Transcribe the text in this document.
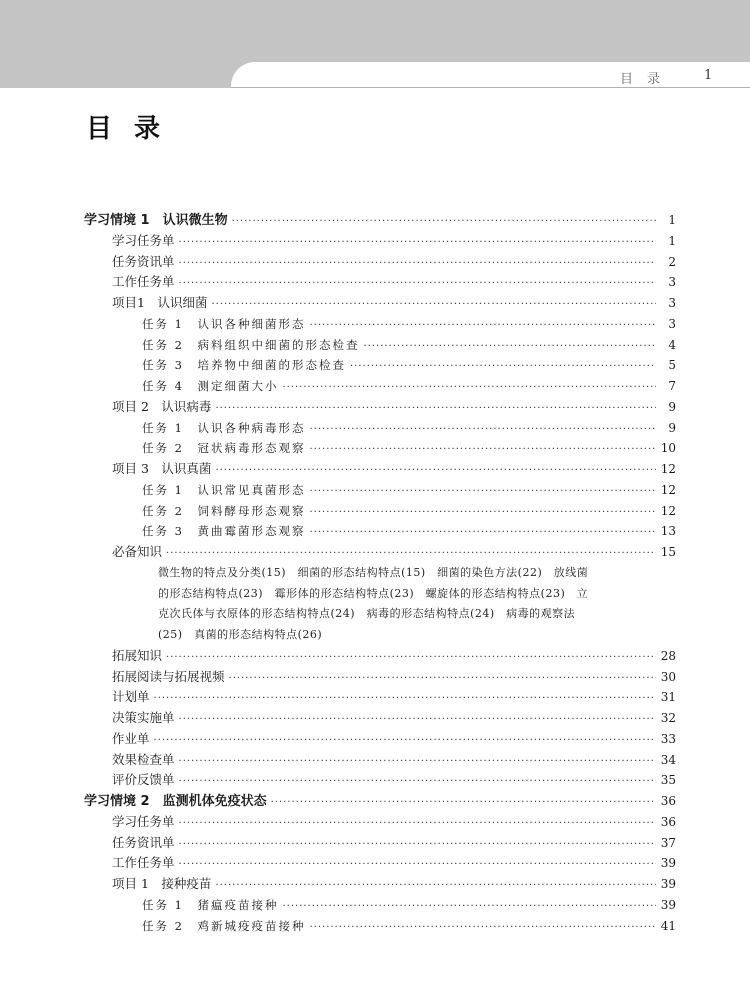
目录 1
目录
学习情境 1　认识微生物 ·····	1
学习任务单 ·····	1
任务资讯单 ·····	2
工作任务单 ·····	3
项目1　认识细菌 ·····	3
任务 1　认识各种细菌形态 ·····	3
任务 2　病料组织中细菌的形态检查 ·····	4
任务 3　培养物中细菌的形态检查 ·····	5
任务 4　测定细菌大小 ·····	7
项目 2　认识病毒 ·····	9
任务 1　认识各种病毒形态 ·····	9
任务 2　冠状病毒形态观察 ·····	10
项目 3　认识真菌 ·····	12
任务 1　认识常见真菌形态 ·····	12
任务 2　饲料酵母形态观察 ·····	12
任务 3　黄曲霉菌形态观察 ·····	13
必备知识 ·····	15
微生物的特点及分类(15)　细菌的形态结构特点(15)　细菌的染色方法(22)　放线菌
的形态结构特点(23)　霉形体的形态结构特点(23)　螺旋体的形态结构特点(23)　立
克次氏体与衣原体的形态结构特点(24)　病毒的形态结构特点(24)　病毒的观察法
(25)　真菌的形态结构特点(26)
拓展知识 ·····	28
拓展阅读与拓展视频 ·····	30
计划单 ·····	31
决策实施单 ·····	32
作业单 ·····	33
效果检查单 ·····	34
评价反馈单 ·····	35
学习情境 2　监测机体免疫状态 ·····	36
学习任务单 ·····	36
任务资讯单 ·····	37
工作任务单 ·····	39
项目 1　接种疫苗 ·····	39
任务 1　猪瘟疫苗接种 ·····	39
任务 2　鸡新城疫疫苗接种 ·····	41
